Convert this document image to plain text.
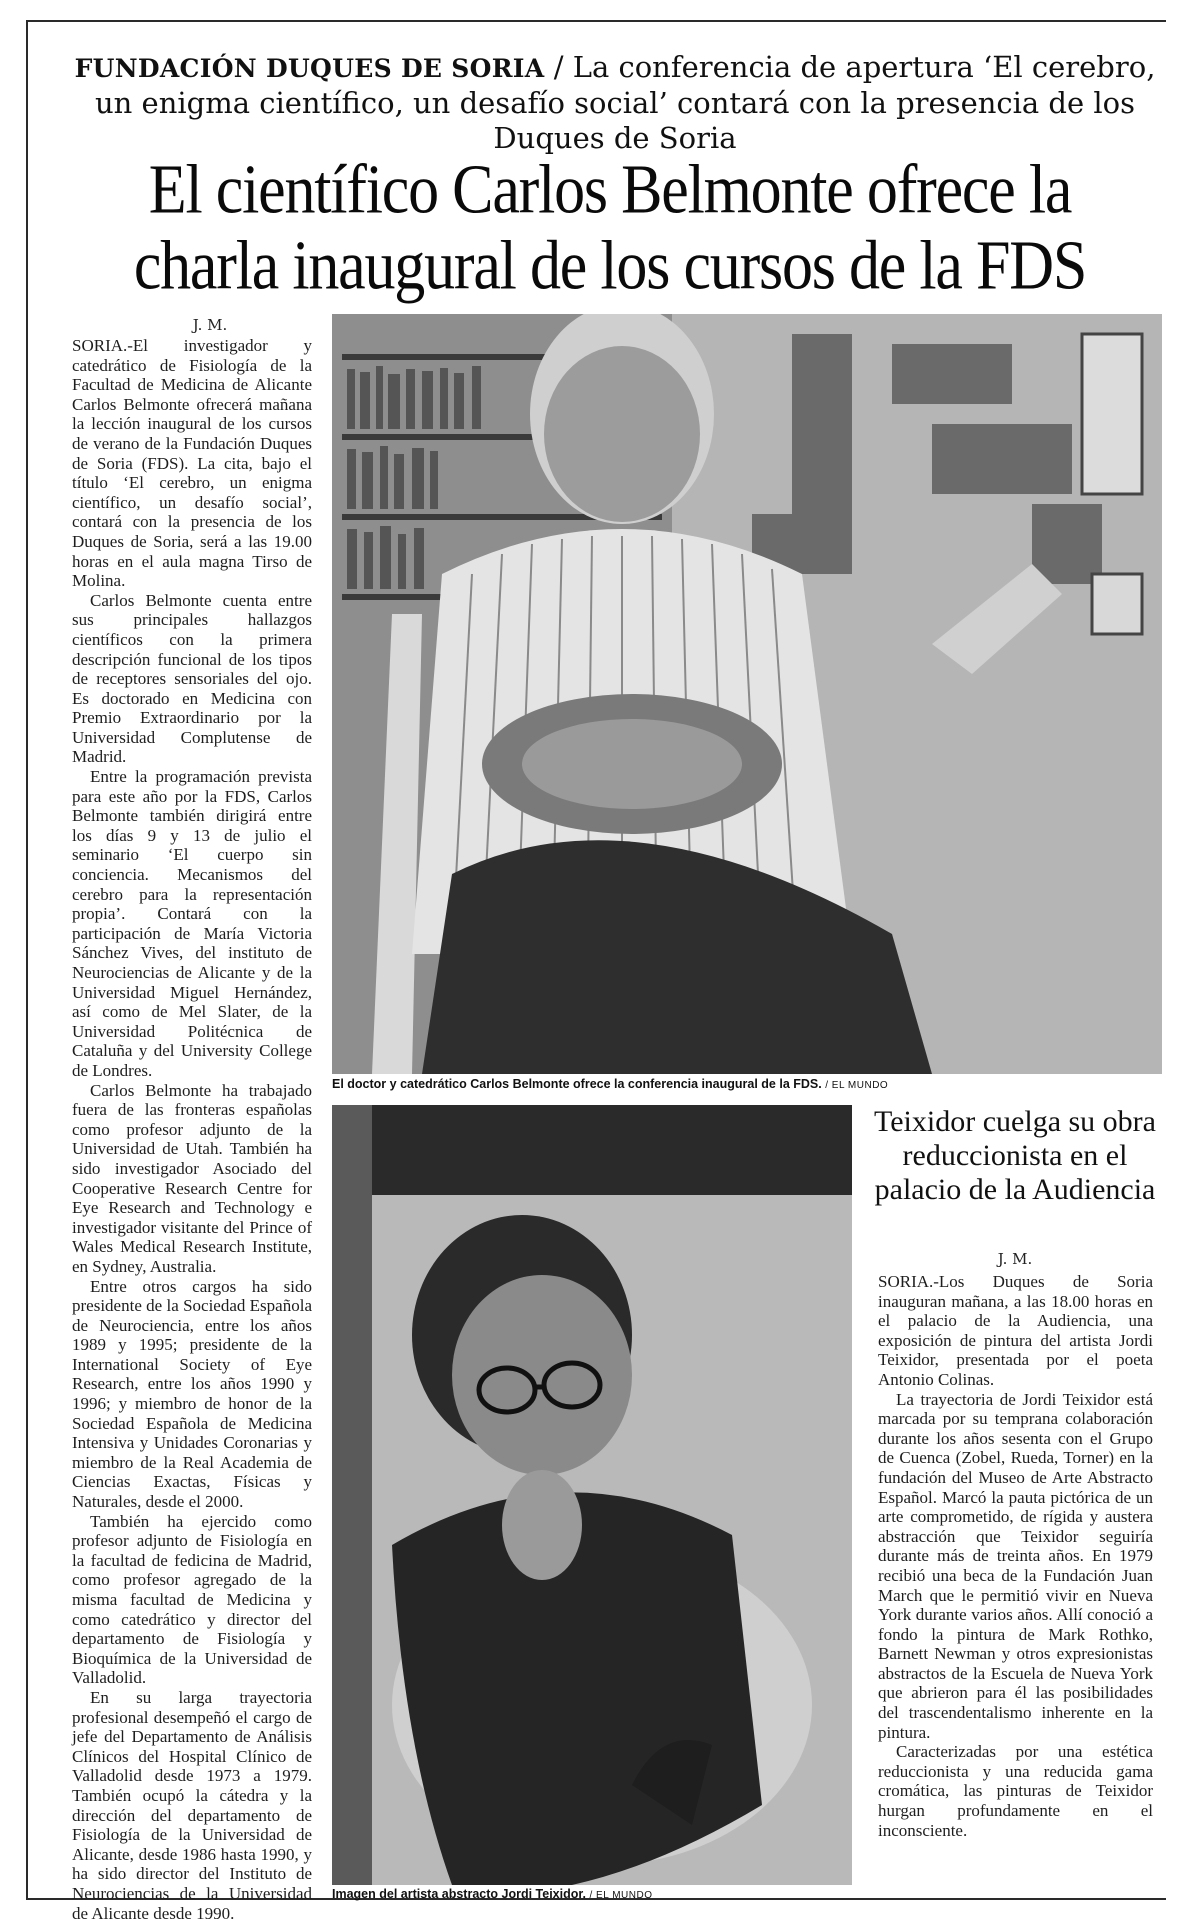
FUNDACIÓN DUQUES DE SORIA / La conferencia de apertura ‘El cerebro, un enigma científico, un desafío social’ contará con la presencia de los Duques de Soria
El científico Carlos Belmonte ofrece la
charla inaugural de los cursos de la FDS
J. M.

SORIA.-El investigador y catedrático de Fisiología de la Facultad de Medicina de Alicante Carlos Belmonte ofrecerá mañana la lección inaugural de los cursos de verano de la Fundación Duques de Soria (FDS). La cita, bajo el título ‘El cerebro, un enigma científico, un desafío social’, contará con la presencia de los Duques de Soria, será a las 19.00 horas en el aula magna Tirso de Molina.

Carlos Belmonte cuenta entre sus principales hallazgos científicos con la primera descripción funcional de los tipos de receptores sensoriales del ojo. Es doctorado en Medicina con Premio Extraordinario por la Universidad Complutense de Madrid.

Entre la programación prevista para este año por la FDS, Carlos Belmonte también dirigirá entre los días 9 y 13 de julio el seminario ‘El cuerpo sin conciencia. Mecanismos del cerebro para la representación propia’. Contará con la participación de María Victoria Sánchez Vives, del instituto de Neurociencias de Alicante y de la Universidad Miguel Hernández, así como de Mel Slater, de la Universidad Politécnica de Cataluña y del University College de Londres.

Carlos Belmonte ha trabajado fuera de las fronteras españolas como profesor adjunto de la Universidad de Utah. También ha sido investigador Asociado del Cooperative Research Centre for Eye Research and Technology e investigador visitante del Prince of Wales Medical Research Institute, en Sydney, Australia.

Entre otros cargos ha sido presidente de la Sociedad Española de Neurociencia, entre los años 1989 y 1995; presidente de la International Society of Eye Research, entre los años 1990 y 1996; y miembro de honor de la Sociedad Española de Medicina Intensiva y Unidades Coronarias y miembro de la Real Academia de Ciencias Exactas, Físicas y Naturales, desde el 2000.

También ha ejercido como profesor adjunto de Fisiología en la facultad de fedicina de Madrid, como profesor agregado de la misma facultad de Medicina y como catedrático y director del departamento de Fisiología y Bioquímica de la Universidad de Valladolid.

En su larga trayectoria profesional desempeñó el cargo de jefe del Departamento de Análisis Clínicos del Hospital Clínico de Valladolid desde 1973 a 1979. También ocupó la cátedra y la dirección del departamento de Fisiología de la Universidad de Alicante, desde 1986 hasta 1990, y ha sido director del Instituto de Neurociencias de la Universidad de Alicante desde 1990.

El doctor y catedrático Carlos Belmonte ofrece la conferencia inaugural de la FDS. / EL MUNDO
Imagen del artista abstracto Jordi Teixidor. / EL MUNDO
Teixidor cuelga su obra reduccionista en el palacio de la Audiencia
J. M.

SORIA.-Los Duques de Soria inauguran mañana, a las 18.00 horas en el palacio de la Audiencia, una exposición de pintura del artista Jordi Teixidor, presentada por el poeta Antonio Colinas.

La trayectoria de Jordi Teixidor está marcada por su temprana colaboración durante los años sesenta con el Grupo de Cuenca (Zobel, Rueda, Torner) en la fundación del Museo de Arte Abstracto Español. Marcó la pauta pictórica de un arte comprometido, de rígida y austera abstracción que Teixidor seguiría durante más de treinta años. En 1979 recibió una beca de la Fundación Juan March que le permitió vivir en Nueva York durante varios años. Allí conoció a fondo la pintura de Mark Rothko, Barnett Newman y otros expresionistas abstractos de la Escuela de Nueva York que abrieron para él las posibilidades del trascendentalismo inherente en la pintura.

Caracterizadas por una estética reduccionista y una reducida gama cromática, las pinturas de Teixidor hurgan profundamente en el inconsciente.
